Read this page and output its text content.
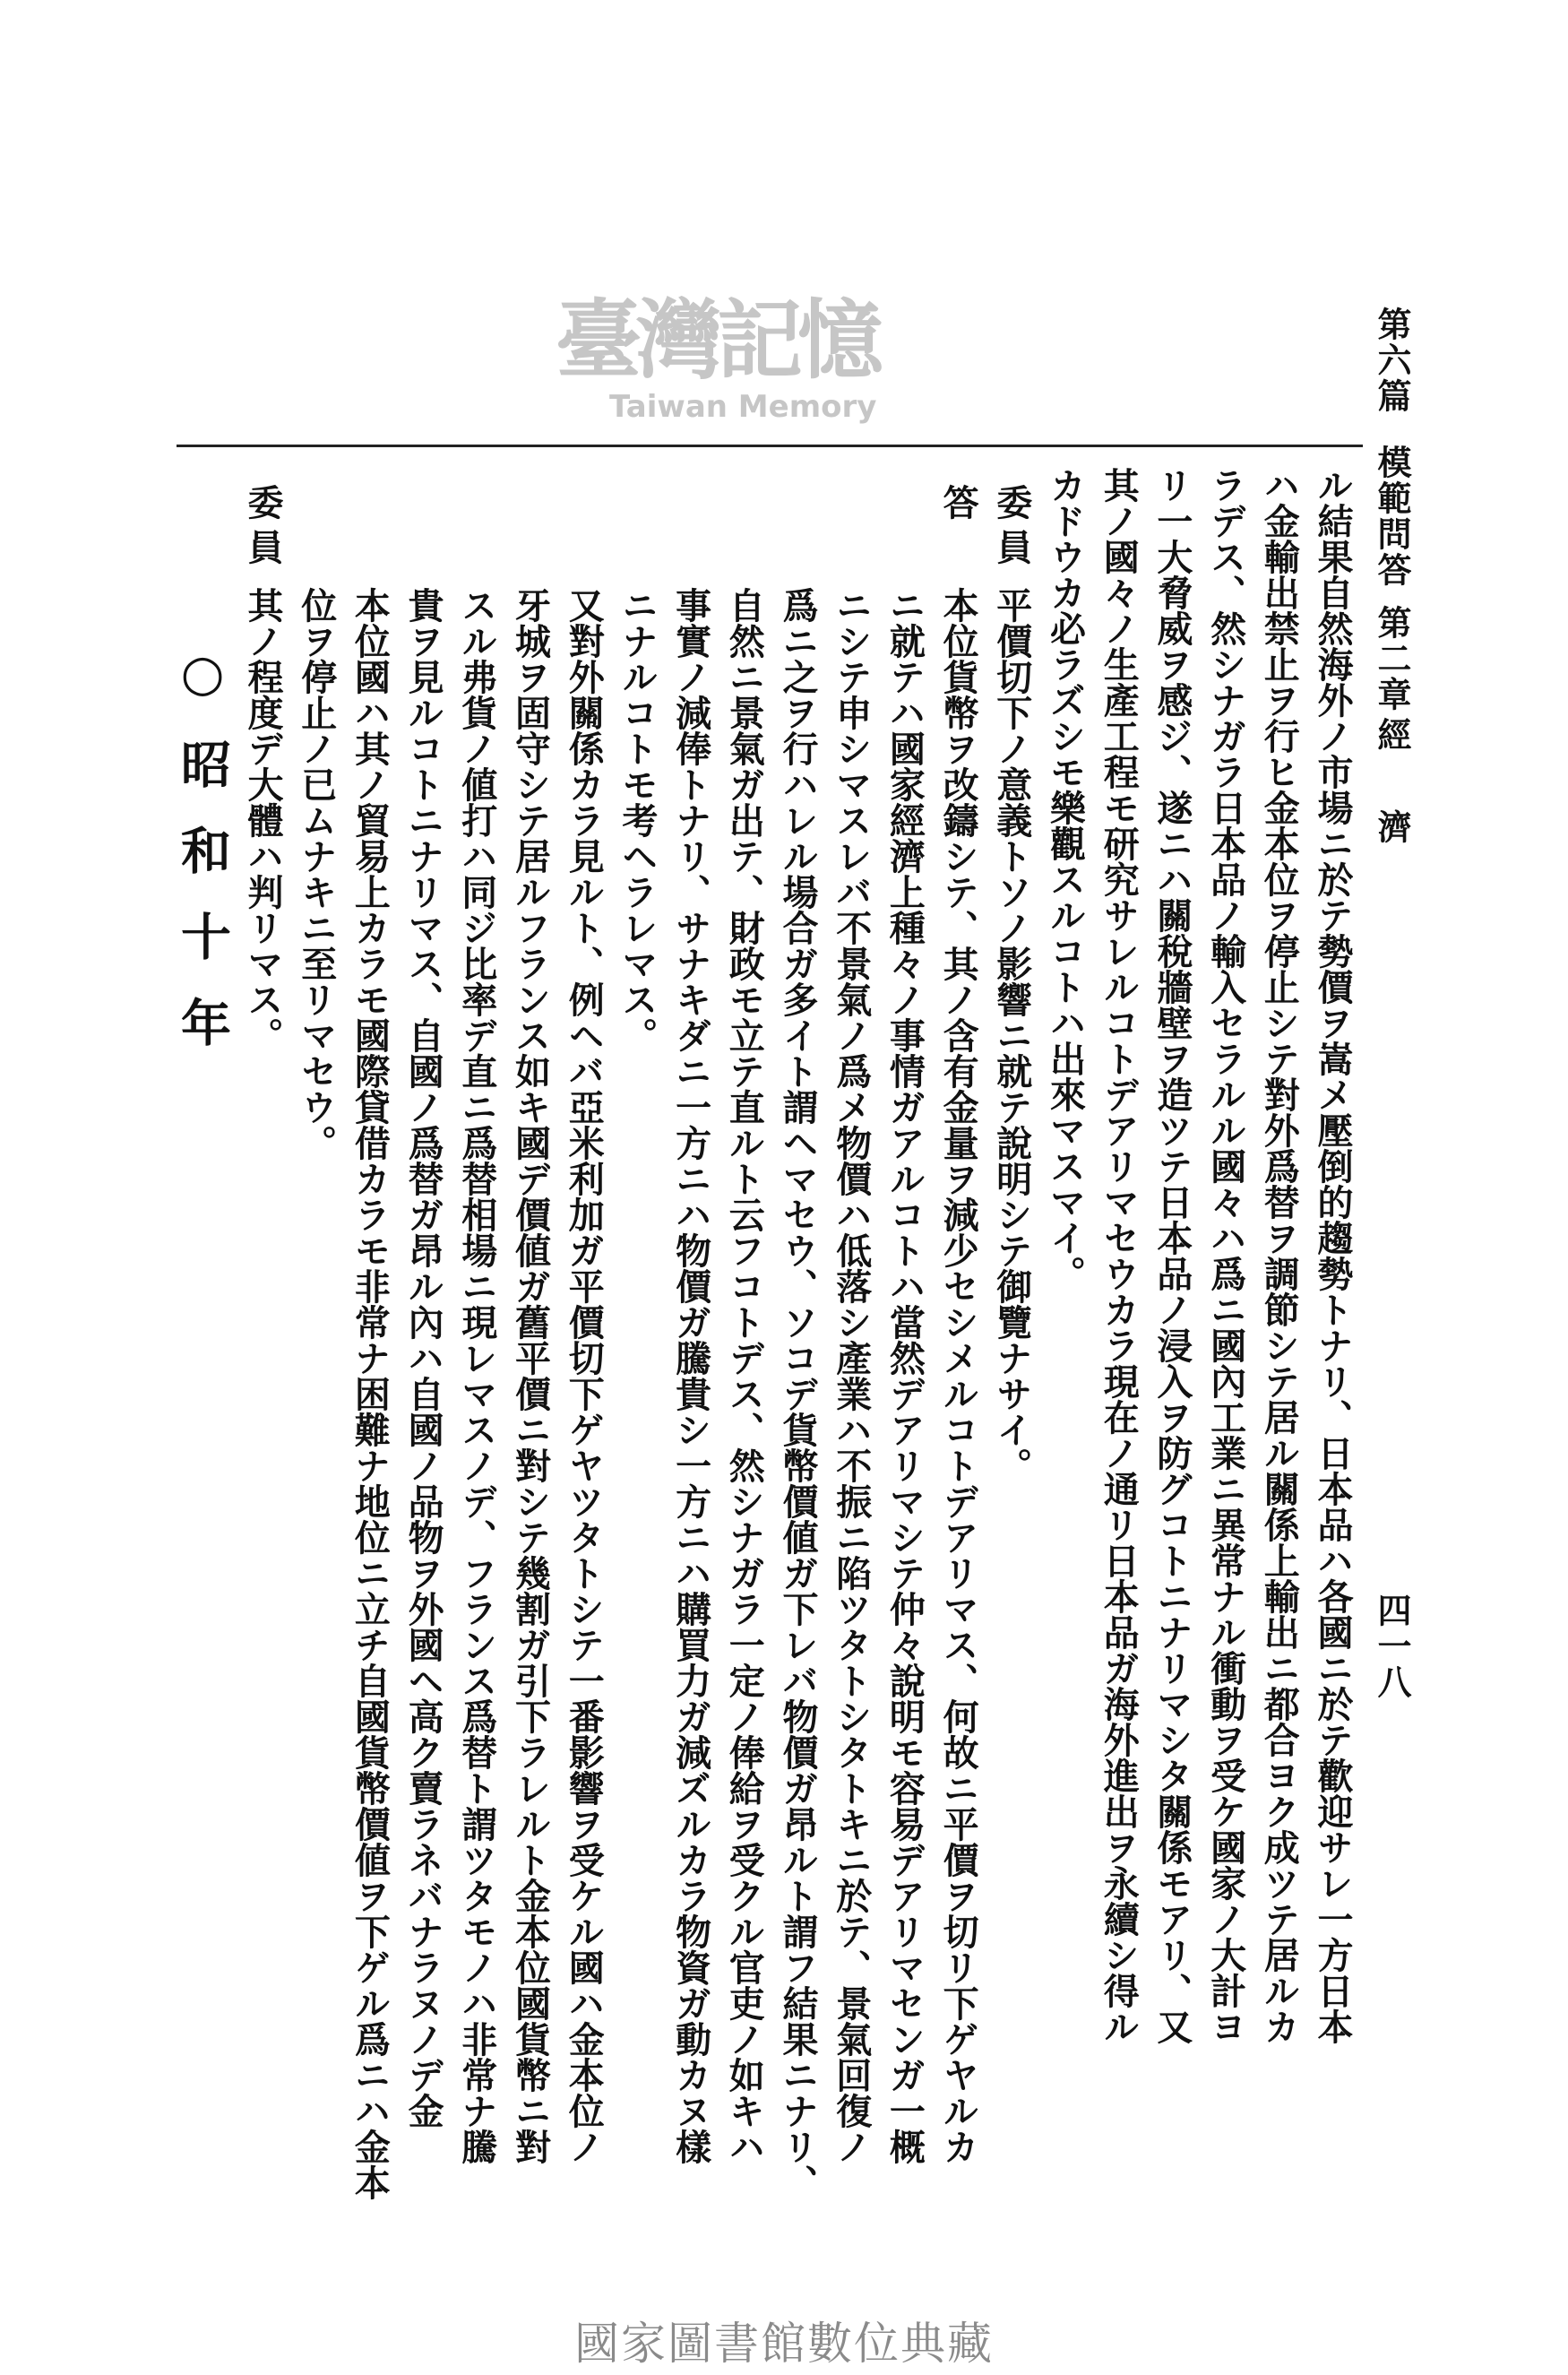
第六篇
模範問答
第二章
經
濟
四一八
ル結果自然海外ノ市場ニ於テ勢價ヲ嵩メ壓倒的趨勢トナリ、日本品ハ各國ニ於テ歡迎サレ一方日本
ハ金輸出禁止ヲ行ヒ金本位ヲ停止シテ對外爲替ヲ調節シテ居ル關係上輸出ニ都合ヨク成ツテ居ルカ
ラデス、然シナガラ日本品ノ輸入セラルル國々ハ爲ニ國內工業ニ異常ナル衝動ヲ受ケ國家ノ大計ヨ
リ一大脅威ヲ感ジ、遂ニハ關稅牆壁ヲ造ツテ日本品ノ浸入ヲ防グコトニナリマシタ關係モアリ、又
其ノ國々ノ生產工程モ研究サレルコトデアリマセウカラ現在ノ通リ日本品ガ海外進出ヲ永續シ得ル
カドウカ必ラズシモ樂觀スルコトハ出來マスマイ。
委員
平價切下ノ意義トソノ影響ニ就テ說明シテ御覽ナサイ。
答
本位貨幣ヲ改鑄シテ、其ノ含有金量ヲ減少セシメルコトデアリマス、何故ニ平價ヲ切リ下ゲヤルカ
ニ就テハ國家經濟上種々ノ事情ガアルコトハ當然デアリマシテ仲々說明モ容易デアリマセンガ一概
ニシテ申シマスレバ不景氣ノ爲メ物價ハ低落シ產業ハ不振ニ陷ツタトシタトキニ於テ、景氣回復ノ
爲ニ之ヲ行ハレル場合ガ多イト謂ヘマセウ、ソコデ貨幣價値ガ下レバ物價ガ昂ルト謂フ結果ニナリ、
自然ニ景氣ガ出テ、財政モ立テ直ルト云フコトデス、然シナガラ一定ノ俸給ヲ受クル官吏ノ如キハ
事實ノ減俸トナリ、サナキダニ一方ニハ物價ガ騰貴シ一方ニハ購買力ガ減ズルカラ物資ガ動カヌ樣
ニナルコトモ考ヘラレマス。
又對外關係カラ見ルト、例ヘバ亞米利加ガ平價切下ゲヤツタトシテ一番影響ヲ受ケル國ハ金本位ノ
牙城ヲ固守シテ居ルフランス如キ國デ價値ガ舊平價ニ對シテ幾割ガ引下ラレルト金本位國貨幣ニ對
スル弗貨ノ値打ハ同ジ比率デ直ニ爲替相場ニ現レマスノデ、フランス爲替ト謂ツタモノハ非常ナ騰
貴ヲ見ルコトニナリマス、自國ノ爲替ガ昂ル內ハ自國ノ品物ヲ外國ヘ高ク賣ラネバナラヌノデ金
本位國ハ其ノ貿易上カラモ國際貸借カラモ非常ナ困難ナ地位ニ立チ自國貨幣價値ヲ下ゲル爲ニハ金本
位ヲ停止ノ已ムナキニ至リマセウ。
委員
其ノ程度デ大體ハ判リマス。
○昭和十年
臺灣記憶
Taiwan Memory
國家圖書館數位典藏
